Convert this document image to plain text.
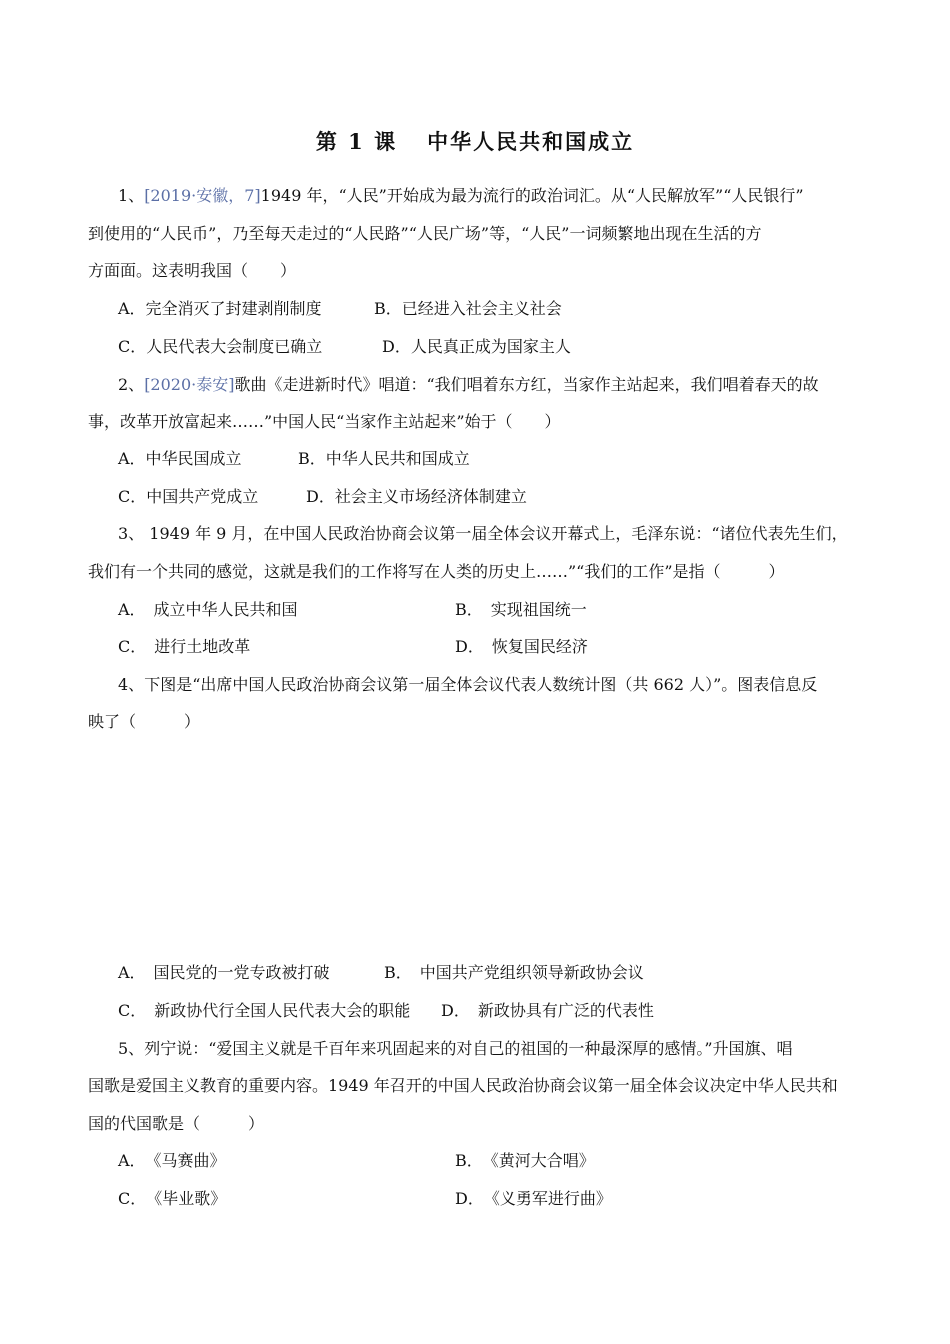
第 1 课 中华人民共和国成立
1、[2019·安徽，7]1949 年，“人民”开始成为最为流行的政治词汇。从“人民解放军”“人民银行”
到使用的“人民币”，乃至每天走过的“人民路”“人民广场”等，“人民”一词频繁地出现在生活的方
方面面。这表明我国（　　）
A．完全消灭了封建剥削制度	B．已经进入社会主义社会
C．人民代表大会制度已确立	D．人民真正成为国家主人
2、[2020·泰安]歌曲《走进新时代》唱道：“我们唱着东方红，当家作主站起来，我们唱着春天的故
事，改革开放富起来……”中国人民“当家作主站起来”始于（　　）
A．中华民国成立	B．中华人民共和国成立
C．中国共产党成立	D．社会主义市场经济体制建立
3、 1949 年 9 月，在中国人民政治协商会议第一届全体会议开幕式上，毛泽东说：“诸位代表先生们，
我们有一个共同的感觉，这就是我们的工作将写在人类的历史上……”“我们的工作”是指（　　　）
A．　成立中华人民共和国	B．　实现祖国统一
C．　进行土地改革	D．　恢复国民经济
4、下图是“出席中国人民政治协商会议第一届全体会议代表人数统计图（共 662 人）”。图表信息反
映了（　　　）
A．　国民党的一党专政被打破	B．　中国共产党组织领导新政协会议
C．　新政协代行全国人民代表大会的职能 D．　新政协具有广泛的代表性
5、列宁说：“爱国主义就是千百年来巩固起来的对自己的祖国的一种最深厚的感情。”升国旗、唱
国歌是爱国主义教育的重要内容。1949 年召开的中国人民政治协商会议第一届全体会议决定中华人民共和
国的代国歌是（　　　）
A．　《马赛曲》	B．　《黄河大合唱》
C．　《毕业歌》	D．　《义勇军进行曲》
